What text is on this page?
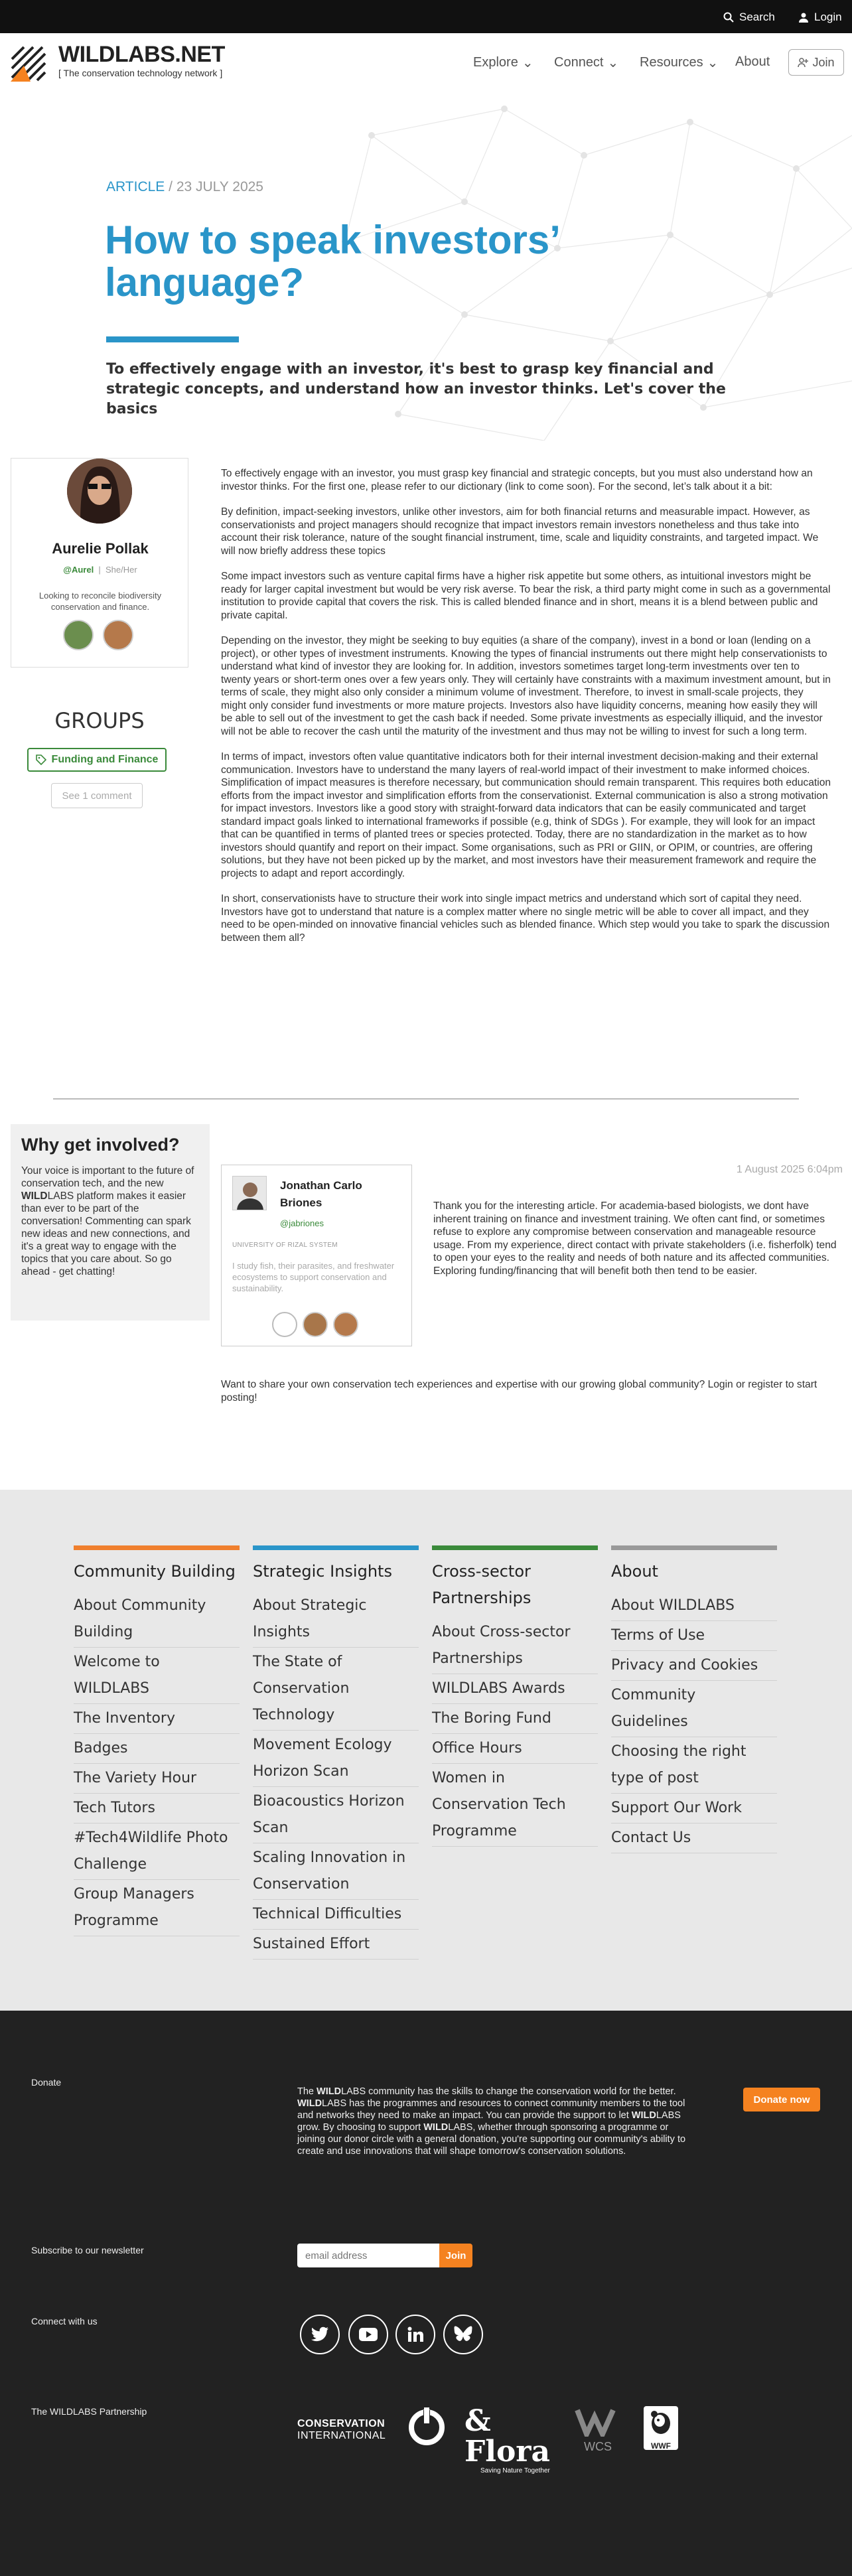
Search	Login
WILDLABS.NET
[ The conservation technology network ]
Explore ⌄ Connect ⌄ Resources ⌄ About	Join
ARTICLE / 23 JULY 2025
How to speak investors’ language?
To effectively engage with an investor, it's best to grasp key financial and strategic concepts, and understand how an investor thinks. Let's cover the basics
Aurelie Pollak
@Aurel  |  She/Her
Looking to reconcile biodiversity conservation and finance.
GROUPS
Funding and Finance
See 1 comment

To effectively engage with an investor, you must grasp key financial and strategic concepts, but you must also understand how an investor thinks. For the first one, please refer to our dictionary (link to come soon). For the second, let’s talk about it a bit:

By definition, impact-seeking investors, unlike other investors, aim for both financial returns and measurable impact. However, as conservationists and project managers should recognize that impact investors remain investors nonetheless and thus take into account their risk tolerance, nature of the sought financial instrument, time, scale and liquidity constraints, and targeted impact. We will now briefly address these topics

Some impact investors such as venture capital firms have a higher risk appetite but some others, as intuitional investors might be ready for larger capital investment but would be very risk averse. To bear the risk, a third party might come in such as a governmental institution to provide capital that covers the risk. This is called blended finance and in short, means it is a blend between public and private capital.

Depending on the investor, they might be seeking to buy equities (a share of the company), invest in a bond or loan (lending on a project), or other types of investment instruments. Knowing the types of financial instruments out there might help conservationists to understand what kind of investor they are looking for. In addition, investors sometimes target long-term investments over ten to twenty years or short-term ones over a few years only. They will certainly have constraints with a maximum investment amount, but in terms of scale, they might also only consider a minimum volume of investment. Therefore, to invest in small-scale projects, they might only consider fund investments or more mature projects. Investors also have liquidity concerns, meaning how easily they will be able to sell out of the investment to get the cash back if needed. Some private investments as especially illiquid, and the investor will not be able to recover the cash until the maturity of the investment and thus may not be willing to invest for such a long term.

In terms of impact, investors often value quantitative indicators both for their internal investment decision-making and their external communication. Investors have to understand the many layers of real-world impact of their investment to make informed choices. Simplification of impact measures is therefore necessary, but communication should remain transparent. This requires both education efforts from the impact investor and simplification efforts from the conservationist. External communication is also a strong motivation for impact investors. Investors like a good story with straight-forward data indicators that can be easily communicated and target standard impact goals linked to international frameworks if possible (e.g, think of SDGs ). For example, they will look for an impact that can be quantified in terms of planted trees or species protected. Today, there are no standardization in the market as to how investors should quantify and report on their impact. Some organisations, such as PRI or GIIN, or OPIM, or countries, are offering solutions, but they have not been picked up by the market, and most investors have their measurement framework and require the projects to adapt and report accordingly.

In short, conservationists have to structure their work into single impact metrics and understand which sort of capital they need. Investors have got to understand that nature is a complex matter where no single metric will be able to cover all impact, and they need to be open-minded on innovative financial vehicles such as blended finance. Which step would you take to spark the discussion between them all?

Why get involved?
Your voice is important to the future of conservation tech, and the new WILDLABS platform makes it easier than ever to be part of the conversation! Commenting can spark new ideas and new connections, and it's a great way to engage with the topics that you care about. So go ahead - get chatting!
1 August 2025 6:04pm
Jonathan Carlo Briones
@jabriones
UNIVERSITY OF RIZAL SYSTEM
I study fish, their parasites, and freshwater ecosystems to support conservation and sustainability.
Thank you for the interesting article. For academia-based biologists, we dont have inherent training on finance and investment training. We often cant find, or sometimes refuse to explore any compromise between conservation and manageable resource usage. From my experience, direct contact with private stakeholders (i.e. fisherfolk) tend to open your eyes to the reality and needs of both nature and its affected communities. Exploring funding/financing that will benefit both then tend to be easier.
Want to share your own conservation tech experiences and expertise with our growing global community? Login or register to start posting!
Community Building
About Community Building
Welcome to WILDLABS
The Inventory
Badges
The Variety Hour
Tech Tutors
#Tech4Wildlife Photo Challenge
Group Managers Programme
Strategic Insights
About Strategic Insights
The State of Conservation Technology
Movement Ecology Horizon Scan
Bioacoustics Horizon Scan
Scaling Innovation in Conservation
Technical Difficulties
Sustained Effort
Cross-sector Partnerships
About Cross-sector Partnerships
WILDLABS Awards
The Boring Fund
Office Hours
Women in Conservation Tech Programme
About
About WILDLABS
Terms of Use
Privacy and Cookies
Community Guidelines
Choosing the right type of post
Support Our Work
Contact Us
Donate
The WILDLABS community has the skills to change the conservation world for the better. WILDLABS has the programmes and resources to connect community members to the tool and networks they need to make an impact. You can provide the support to let WILDLABS grow. By choosing to support WILDLABS, whether through sponsoring a programme or joining our donor circle with a general donation, you're supporting our community's ability to create and use innovations that will shape tomorrow's conservation solutions.
Donate now
Subscribe to our newsletter
email address	Join
Connect with us
The WILDLABS Partnership
CONSERVATION
INTERNATIONAL	& Flora
Saving Nature Together
WCS	WWF
